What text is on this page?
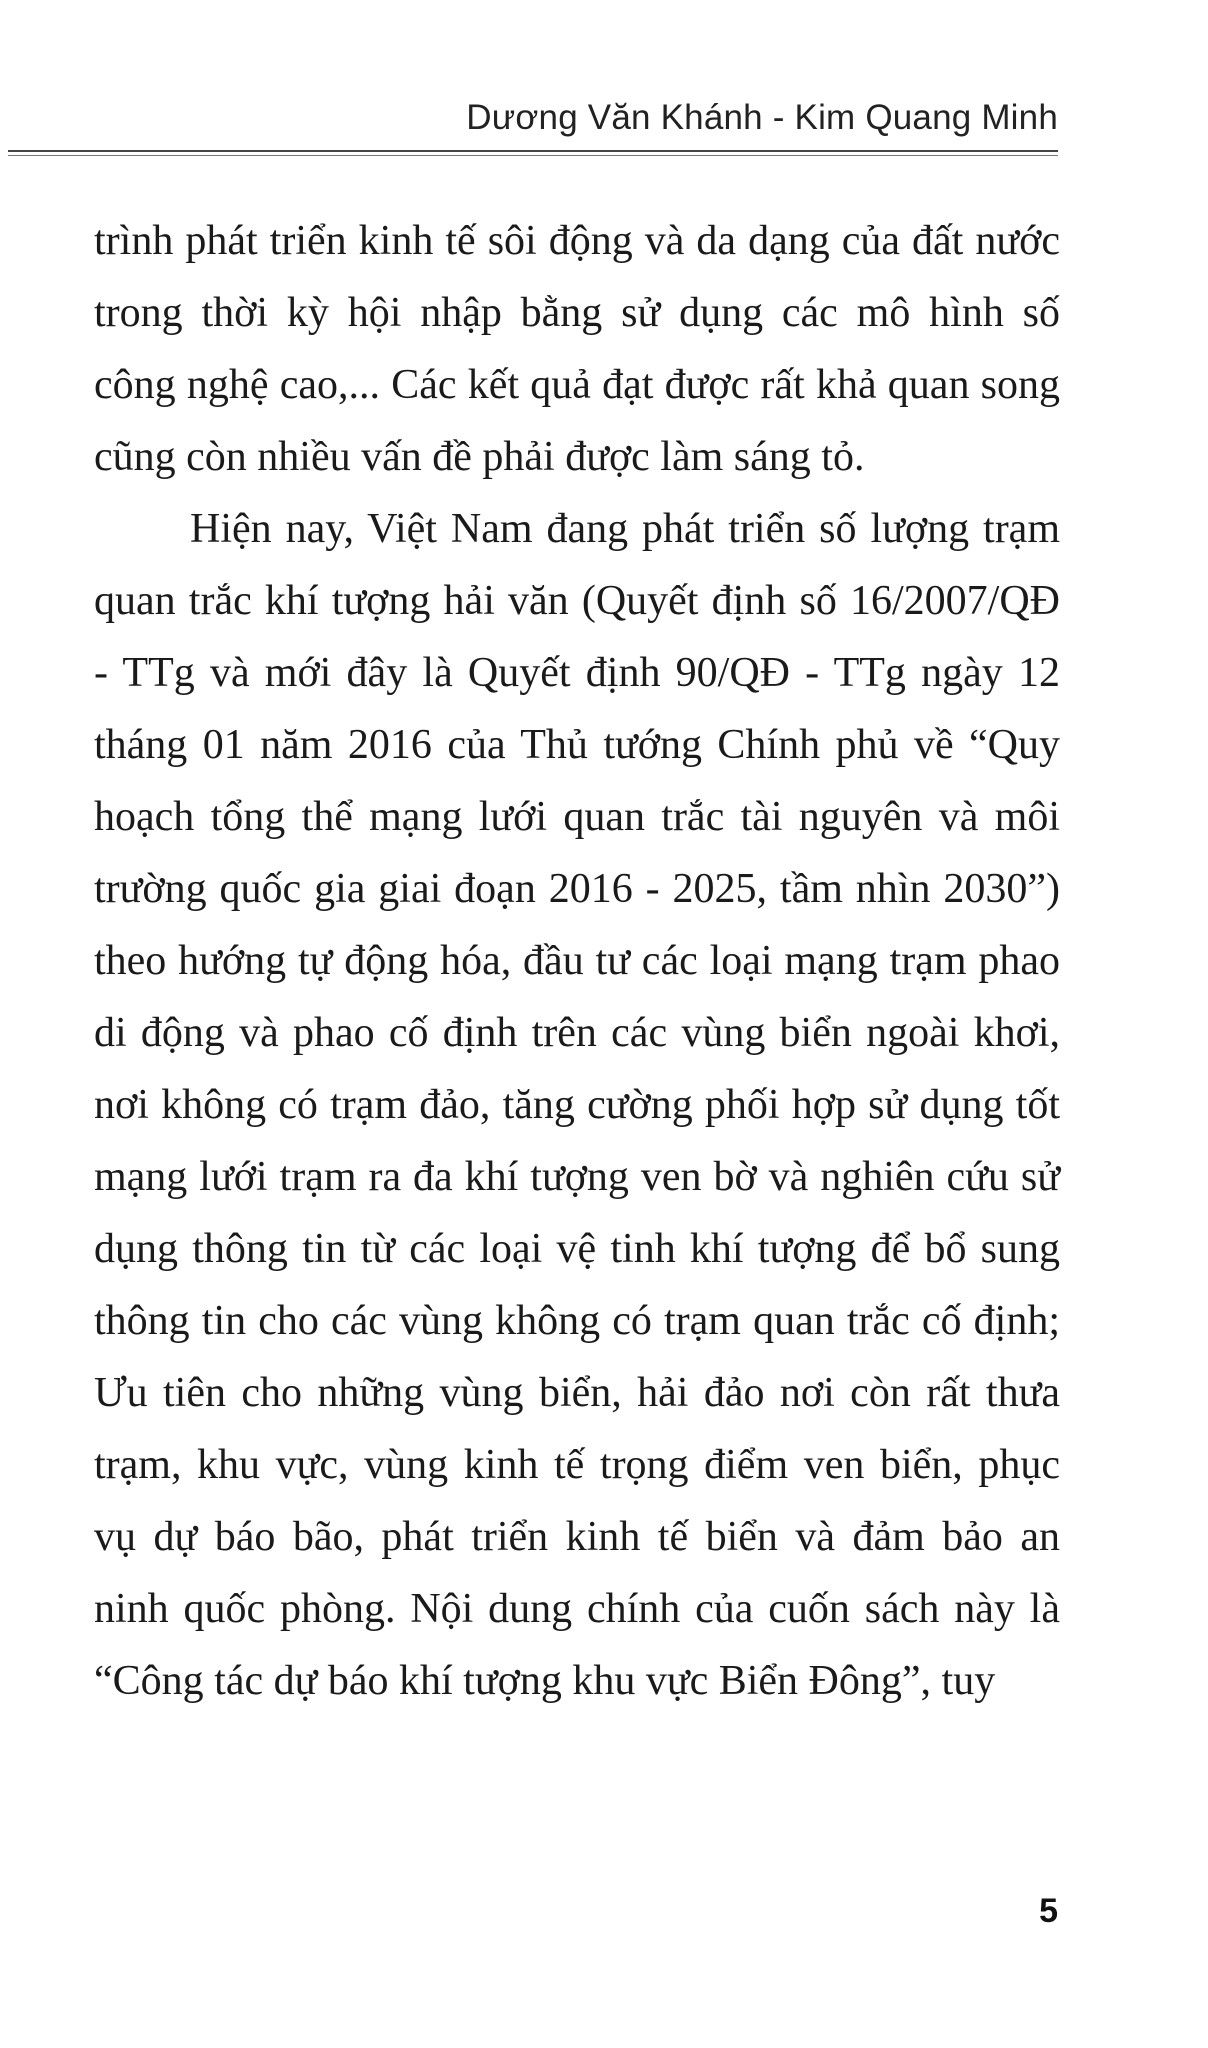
Dương Văn Khánh - Kim Quang Minh

trình phát triển kinh tế sôi động và da dạng của đất nước trong thời kỳ hội nhập bằng sử dụng các mô hình số công nghệ cao,... Các kết quả đạt được rất khả quan song cũng còn nhiều vấn đề phải được làm sáng tỏ.

Hiện nay, Việt Nam đang phát triển số lượng trạm quan trắc khí tượng hải văn (Quyết định số 16/2007/QĐ - TTg và mới đây là Quyết định 90/QĐ - TTg ngày 12 tháng 01 năm 2016 của Thủ tướng Chính phủ về “Quy hoạch tổng thể mạng lưới quan trắc tài nguyên và môi trường quốc gia giai đoạn 2016 - 2025, tầm nhìn 2030”) theo hướng tự động hóa, đầu tư các loại mạng trạm phao di động và phao cố định trên các vùng biển ngoài khơi, nơi không có trạm đảo, tăng cường phối hợp sử dụng tốt mạng lưới trạm ra đa khí tượng ven bờ và nghiên cứu sử dụng thông tin từ các loại vệ tinh khí tượng để bổ sung thông tin cho các vùng không có trạm quan trắc cố định; Ưu tiên cho những vùng biển, hải đảo nơi còn rất thưa trạm, khu vực, vùng kinh tế trọng điểm ven biển, phục vụ dự báo bão, phát triển kinh tế biển và đảm bảo an ninh quốc phòng. Nội dung chính của cuốn sách này là “Công tác dự báo khí tượng khu vực Biển Đông”, tuy

5
